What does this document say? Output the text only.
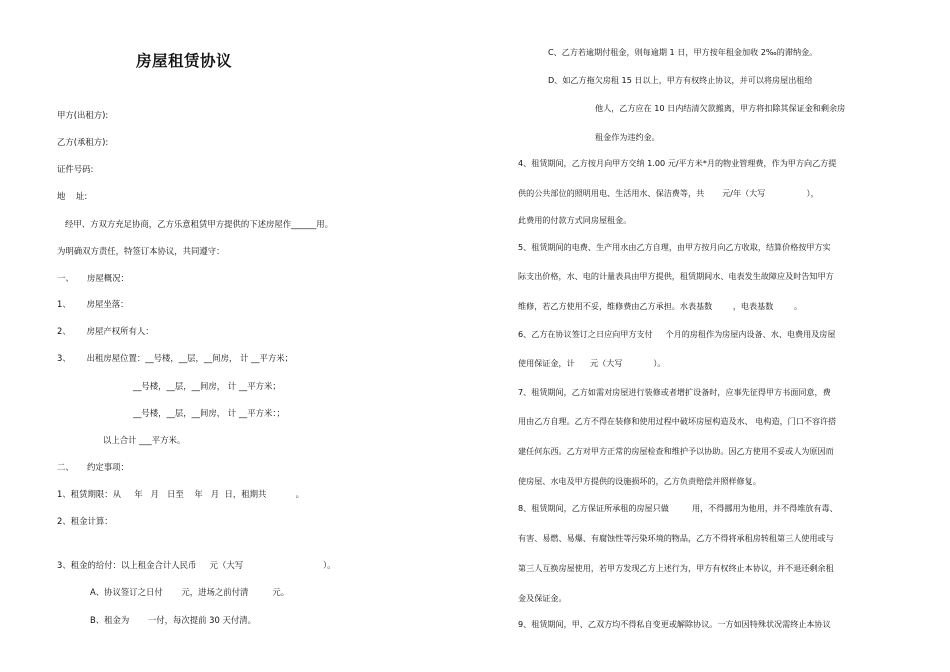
房屋租赁协议
甲方(出租方):
乙方(承租方):
证件号码:
地    址:
经甲、方双方充足协商，乙方乐意租赁甲方提供的下述房屋作______用。
为明确双方责任，特签订本协议，共同遵守：
一、     房屋概况：
1、      房屋坐落：
2、      房屋产权所有人：
3、      出租房屋位置：__号楼，__层，__间房， 计 __平方米；
__号楼，__层，__间房， 计 __平方米；
__号楼，__层，__间房， 计 __平方米：；
以上合计 ___平方米。
二、     约定事项：
1、租赁期限：从     年   月   日至    年   月  日，租期共           。
2、租金计算：
3、租金的给付：以上租金合计人民币     元（大写                              ）。
A、协议签订之日付       元，进场之前付清         元。
B、租金为       一付，每次提前 30 天付清。
C、乙方若逾期付租金，则每逾期 1 日，甲方按年租金加收 2‰的滞纳金。
D、如乙方拖欠房租 15 日以上，甲方有权终止协议，并可以将房屋出租给
他人，乙方应在 10 日内结清欠款搬离，甲方将扣除其保证金和剩余房
租金作为违约金。
4、租赁期间，乙方按月向甲方交纳 1.00 元/平方米*月的物业管理费，作为甲方向乙方提
供的公共部位的照明用电、生活用水、保洁费等，共       元/年（大写                ），
此费用的付款方式同房屋租金。
5、租赁期间的电费、生产用水由乙方自理，由甲方按月向乙方收取，结算价格按甲方实
际支出价格，水、电的计量表具由甲方提供，租赁期间水、电表发生故障应及时告知甲方
维修，若乙方使用不妥，维修费由乙方承担。水表基数        ，电表基数        。
6、乙方在协议签订之日应向甲方支付     个月的房租作为房屋内设备、水、电费用及房屋
使用保证金，计      元（大写            ）。
7、租赁期间，乙方如需对房屋进行装修或者增扩设备时，应事先征得甲方书面同意，费
用由乙方自理。乙方不得在装修和使用过程中破坏房屋构造及水、 电构造，门口不容许搭
建任何东西。乙方对甲方正常的房屋检查和维护予以协助。因乙方使用不妥或人为原因而
使房屋、水电及甲方提供的设施损坏的，乙方负责赔偿并照样修复。
8、租赁期间，乙方保证所承租的房屋只做         用，不得挪用为他用，并不得堆放有毒、
有害、易燃、易爆、有腐蚀性等污染环境的物品，乙方不得将承租房转租第三人使用或与
第三人互换房屋使用，若甲方发现乙方上述行为，甲方有权终止本协议，并不退还剩余租
金及保证金。
9、租赁期间，甲、乙双方均不得私自变更或解除协议。一方如因特殊状况需终止本协议
